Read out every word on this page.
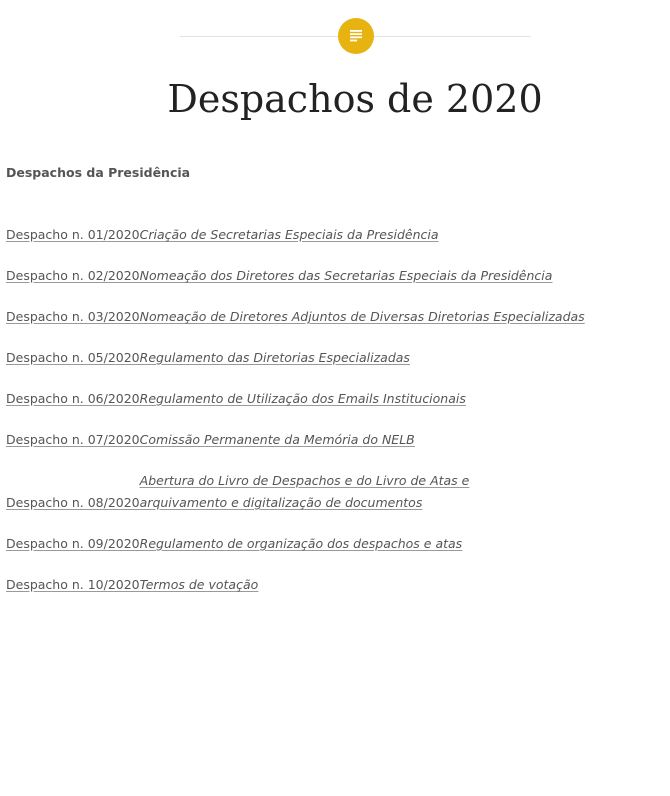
Despachos de 2020

Despachos da Presidência

Despacho n. 01/2020 Criação de Secretarias Especiais da Presidência
Despacho n. 02/2020 Nomeação dos Diretores das Secretarias Especiais da Presidência
Despacho n. 03/2020 Nomeação de Diretores Adjuntos de Diversas Diretorias Especializadas
Despacho n. 05/2020 Regulamento das Diretorias Especializadas
Despacho n. 06/2020 Regulamento de Utilização dos Emails Institucionais
Despacho n. 07/2020 Comissão Permanente da Memória do NELB
Despacho n. 08/2020
Abertura do Livro de Despachos e do Livro de Atas e
arquivamento e digitalização de documentos
Despacho n. 09/2020 Regulamento de organização dos despachos e atas
Despacho n. 10/2020 Termos de votação
